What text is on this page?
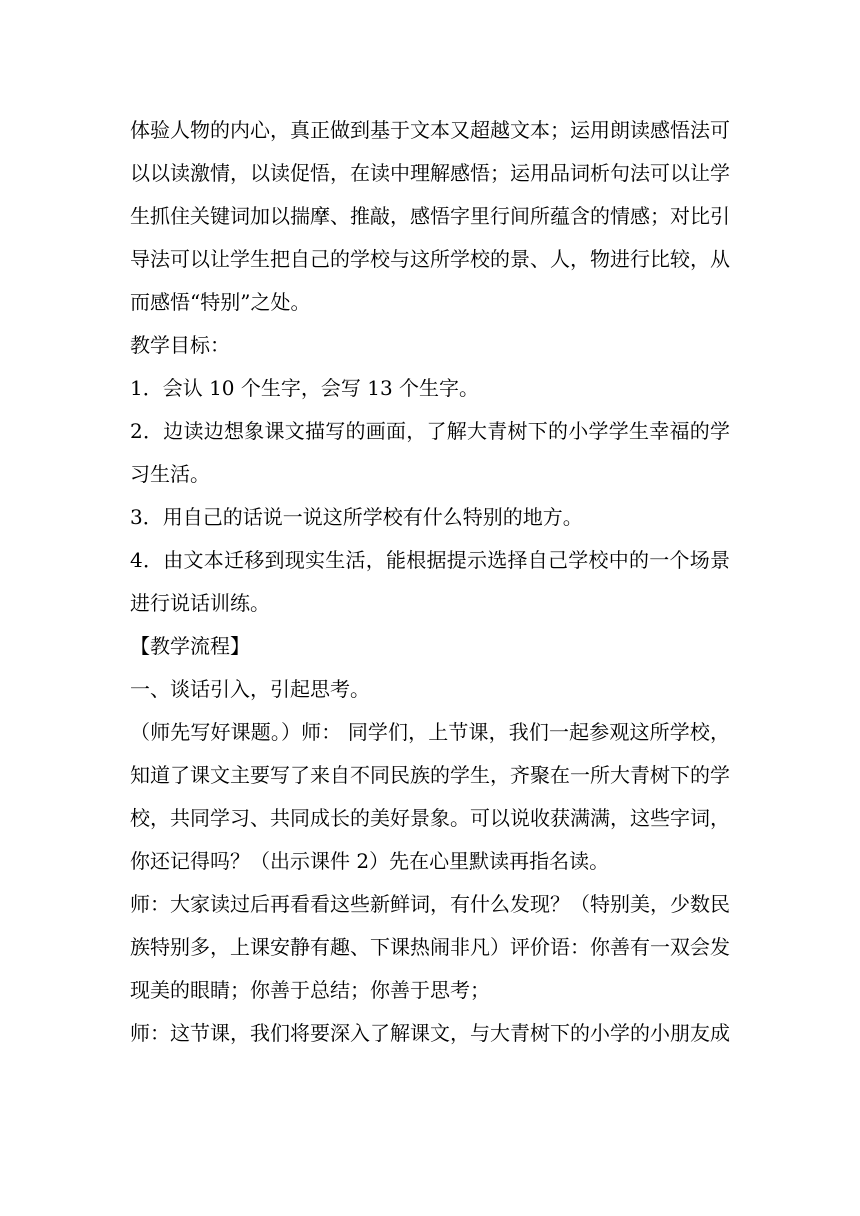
体验人物的内心，真正做到基于文本又超越文本；运用朗读感悟法可
以以读激情，以读促悟，在读中理解感悟；运用品词析句法可以让学
生抓住关键词加以揣摩、推敲，感悟字里行间所蕴含的情感；对比引
导法可以让学生把自己的学校与这所学校的景、人，物进行比较，从
而感悟“特别”之处。
教学目标：
1．会认 10 个生字，会写 13 个生字。
2．边读边想象课文描写的画面，了解大青树下的小学学生幸福的学
习生活。
3．用自己的话说一说这所学校有什么特别的地方。
4．由文本迁移到现实生活，能根据提示选择自己学校中的一个场景
进行说话训练。
【教学流程】
一、谈话引入，引起思考。
（师先写好课题。）师： 同学们，上节课，我们一起参观这所学校，
知道了课文主要写了来自不同民族的学生，齐聚在一所大青树下的学
校，共同学习、共同成长的美好景象。可以说收获满满，这些字词，
你还记得吗？（出示课件 2）先在心里默读再指名读。
师：大家读过后再看看这些新鲜词，有什么发现？（特别美，少数民
族特别多，上课安静有趣、下课热闹非凡）评价语：你善有一双会发
现美的眼睛；你善于总结；你善于思考；
师：这节课，我们将要深入了解课文，与大青树下的小学的小朋友成
